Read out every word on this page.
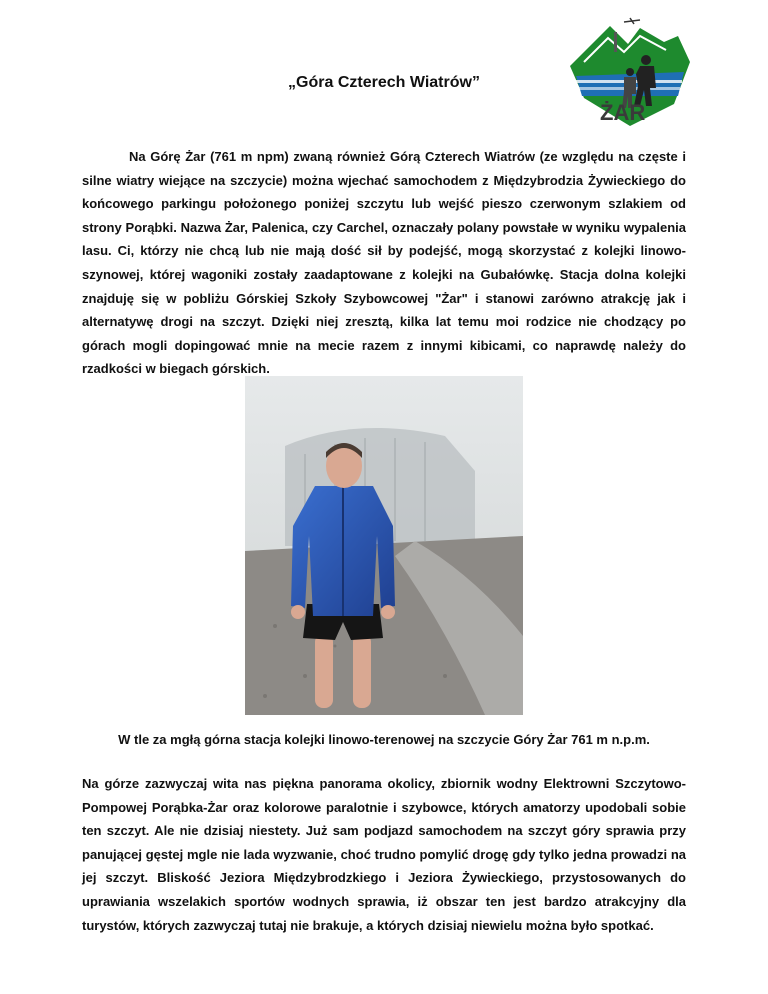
ŻAR
„Góra Czterech Wiatrów”

Na Górę Żar (761 m npm) zwaną również Górą Czterech Wiatrów (ze względu na częste i silne wiatry wiejące na szczycie) można wjechać samochodem z Międzybrodzia Żywieckiego do końcowego parkingu położonego poniżej szczytu lub wejść pieszo czerwonym szlakiem od strony Porąbki. Nazwa Żar, Palenica, czy Carchel, oznaczały polany powstałe w wyniku wypalenia lasu. Ci, którzy nie chcą lub nie mają dość sił by podejść, mogą skorzystać z kolejki linowo-szynowej, której wagoniki zostały zaadaptowane z kolejki na Gubałówkę. Stacja dolna kolejki znajduję się w pobliżu Górskiej Szkoły Szybowcowej "Żar" i stanowi zarówno atrakcję jak i alternatywę drogi na szczyt. Dzięki niej zresztą, kilka lat temu moi rodzice nie chodzący po górach mogli dopingować mnie na mecie razem z innymi kibicami, co naprawdę należy do rzadkości w biegach górskich.

W tle za mgłą górna stacja kolejki linowo-terenowej na szczycie Góry Żar 761 m n.p.m.

Na górze zazwyczaj wita nas piękna panorama okolicy, zbiornik wodny Elektrowni Szczytowo-Pompowej Porąbka-Żar oraz kolorowe paralotnie i szybowce, których amatorzy upodobali sobie ten szczyt. Ale nie dzisiaj niestety. Już sam podjazd samochodem na szczyt góry sprawia przy panującej gęstej mgle nie lada wyzwanie, choć trudno pomylić drogę gdy tylko jedna prowadzi na jej szczyt. Bliskość Jeziora Międzybrodzkiego i Jeziora Żywieckiego, przystosowanych do uprawiania wszelakich sportów wodnych sprawia, iż obszar ten jest bardzo atrakcyjny dla turystów, których zazwyczaj tutaj nie brakuje, a których dzisiaj niewielu można było spotkać.
